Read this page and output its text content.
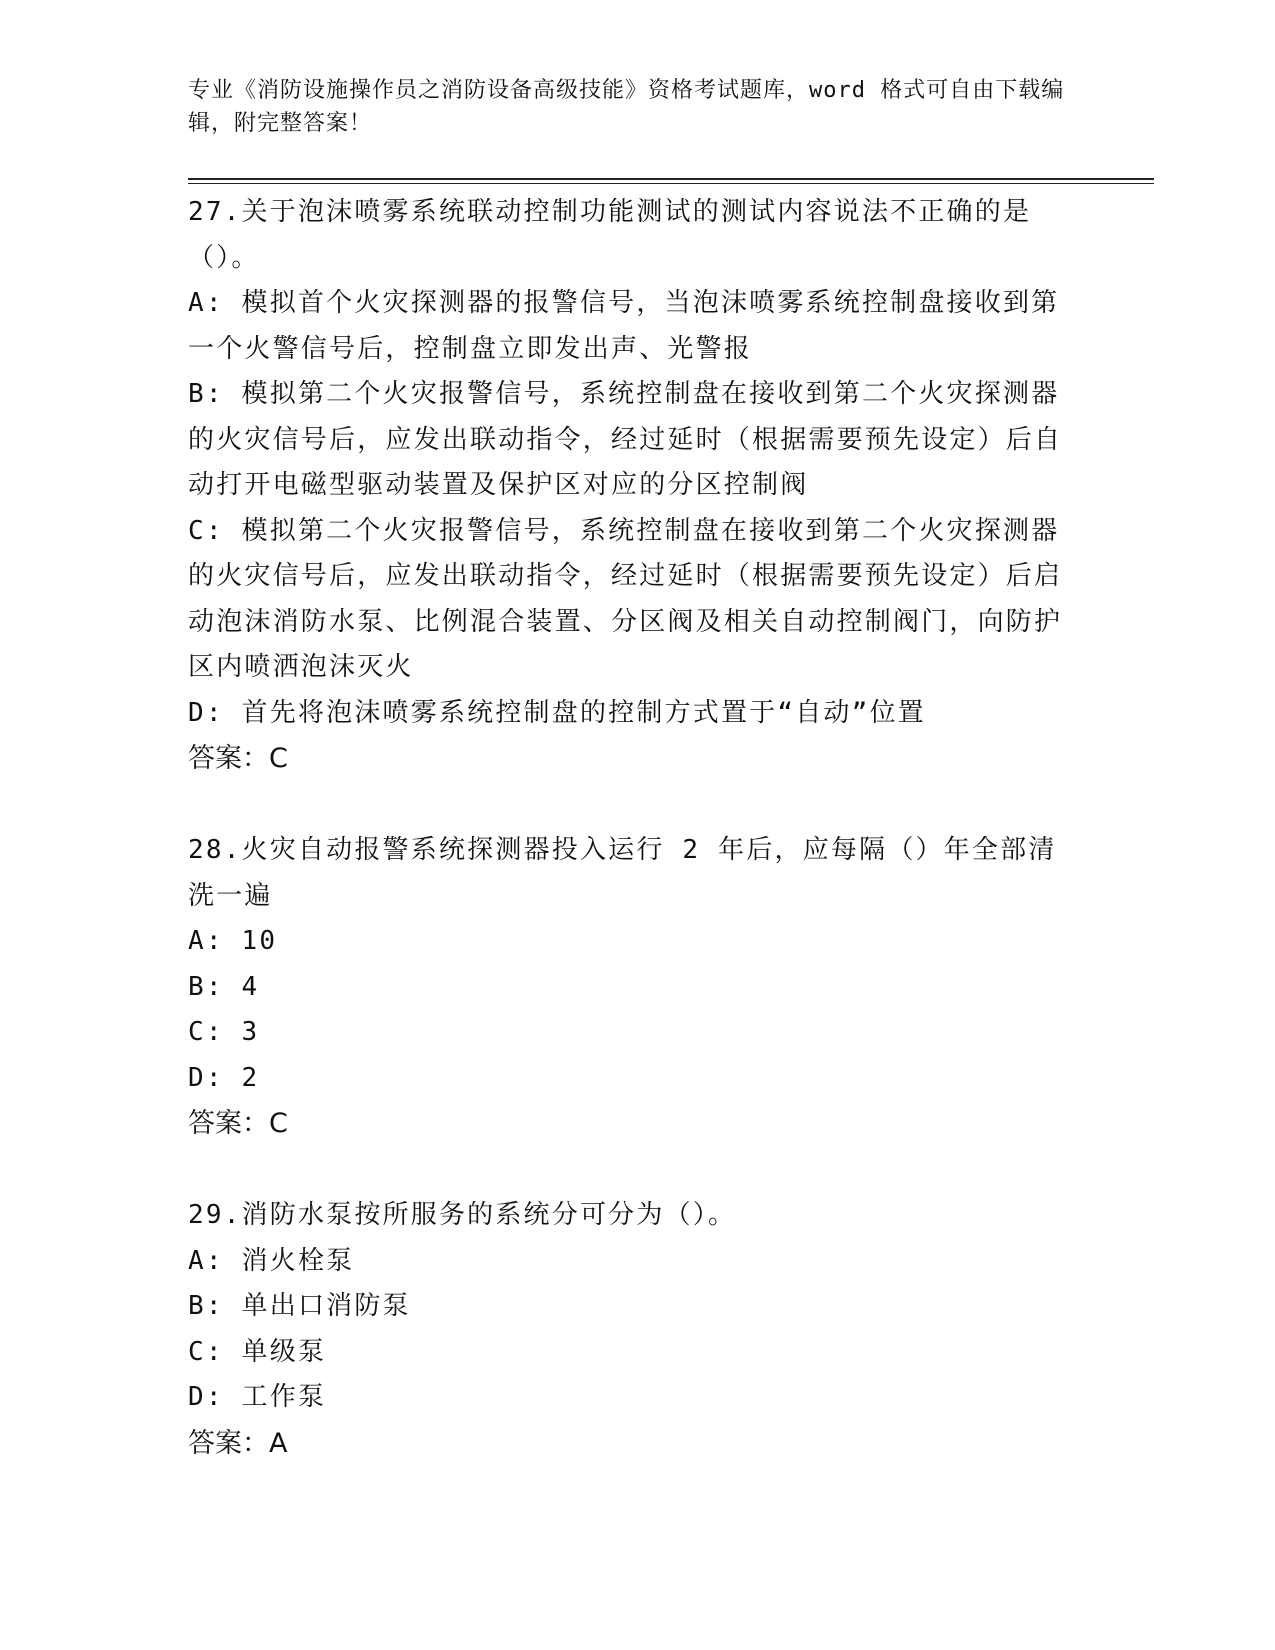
专业《消防设施操作员之消防设备高级技能》资格考试题库，word 格式可自由下载编辑，附完整答案！

27.关于泡沫喷雾系统联动控制功能测试的测试内容说法不正确的是（）。

A: 模拟首个火灾探测器的报警信号，当泡沫喷雾系统控制盘接收到第一个火警信号后，控制盘立即发出声、光警报

B: 模拟第二个火灾报警信号，系统控制盘在接收到第二个火灾探测器的火灾信号后，应发出联动指令，经过延时（根据需要预先设定）后自动打开电磁型驱动装置及保护区对应的分区控制阀

C: 模拟第二个火灾报警信号，系统控制盘在接收到第二个火灾探测器的火灾信号后，应发出联动指令，经过延时（根据需要预先设定）后启动泡沫消防水泵、比例混合装置、分区阀及相关自动控制阀门，向防护区内喷洒泡沫灭火

D: 首先将泡沫喷雾系统控制盘的控制方式置于“自动”位置

答案：C

28.火灾自动报警系统探测器投入运行 2 年后，应每隔（）年全部清洗一遍

A: 10

B: 4

C: 3

D: 2

答案：C

29.消防水泵按所服务的系统分可分为（）。

A: 消火栓泵

B: 单出口消防泵

C: 单级泵

D: 工作泵

答案：A
